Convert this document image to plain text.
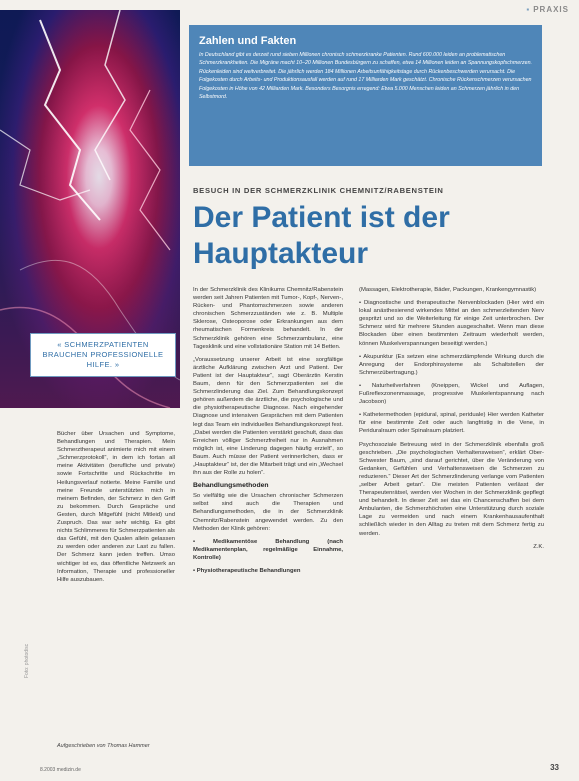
▪ PRAXIS
« SCHMERZPATIENTEN BRAUCHEN PROFESSIONELLE HILFE. »
Zahlen und Fakten

In Deutschland gibt es derzeit rund sieben Millionen chronisch schmerzkranke Patienten. Rund 600.000 leiden an problematischen Schmerzkrankheiten. Die Migräne macht 10–20 Millionen Bundesbürgern zu schaffen, etwa 14 Millionen leiden an Spannungskopfschmerzen. Rückenleiden sind weitverbreitet. Die jährlich werden 184 Millionen Arbeitsunfähigkeitstage durch Rückenbeschwerden verursacht. Die Folgekosten durch Arbeits- und Produktionsausfall werden auf rund 17 Milliarden Mark geschätzt. Chronische Rückenschmerzen verursachen Folgekosten in Höhe von 42 Milliarden Mark. Besonders Besorgnis erregend: Etwa 5.000 Menschen leiden an Schmerzen jährlich in den Selbstmord.

BESUCH IN DER SCHMERZKLINIK CHEMNITZ/RABENSTEIN
Der Patient ist der Hauptakteur

Bücher über Ursachen und Symptome, Behandlungen und Therapien. Mein Schmerztherapeut animierte mich mit einem „Schmerzprotokoll“, in dem ich fortan all meine Aktivitäten (berufliche und private) sowie Fortschritte und Rückschritte im Heilungsverlauf notierte. Meine Familie und meine Freunde unterstützten mich in meinem Befinden, der Schmerz in den Griff zu bekommen. Durch Gespräche und Gesten, durch Mitgefühl (nicht Mitleid) und Zuspruch. Das war sehr wichtig. Es gibt nichts Schlimmeres für Schmerzpatienten als das Gefühl, mit den Qualen allein gelassen zu werden oder anderen zur Last zu fallen. Der Schmerz kann jeden treffen. Umso wichtiger ist es, das öffentliche Netzwerk an Information, Therapie und professioneller Hilfe auszubauen.

In der Schmerzklinik des Klinikums Chemnitz/Rabenstein werden seit Jahren Patienten mit Tumor-, Kopf-, Nerven-, Rücken- und Phantomschmerzen sowie anderen chronischen Schmerzzuständen wie z. B. Multiple Sklerose, Osteoporose oder Erkrankungen aus dem rheumatischen Formenkreis behandelt. In der Schmerzklinik gehören eine Schmerzambulanz, eine Tagesklinik und eine vollstationäre Station mit 14 Betten.

„Voraussetzung unserer Arbeit ist eine sorgfältige ärztliche Aufklärung zwischen Arzt und Patient. Der Patient ist der Hauptakteur“, sagt Oberärztin Kerstin Baum, denn für den Schmerzpatienten sei die Schmerzlinderung das Ziel. Zum Behandlungskonzept gehören außerdem die ärztliche, die psychologische und die physiotherapeutische Diagnose. Nach eingehender Diagnose und intensiven Gesprächen mit dem Patienten legt das Team ein individuelles Behandlungskonzept fest. „Dabei werden die Patienten verstärkt geschult, dass das Erreichen völliger Schmerzfreiheit nur in Ausnahmen möglich ist, eine Linderung dagegen häufig erzielt“, so Baum. Auch müsse der Patient verinnerlichen, dass er „Hauptakteur“ ist, der die Mitarbeit trägt und ein „Wechsel ihn aus der Rolle zu holen“.

Behandlungsmethoden

So vielfältig wie die Ursachen chronischer Schmerzen selbst sind auch die Therapien und Behandlungsmethoden, die in der Schmerzklinik Chemnitz/Rabenstein angewendet werden. Zu den Methoden der Klinik gehören:

• Medikamentöse Behandlung (nach Medikamentenplan, regelmäßige Einnahme, Kontrolle)

• Physiotherapeutische Behandlungen

(Massagen, Elektrotherapie, Bäder, Packungen, Krankengymnastik)

• Diagnostische und therapeutische Nervenblockaden (Hier wird ein lokal anästhesierend wirkendes Mittel an den schmerzleitenden Nerv gespritzt und so die Weiterleitung für einige Zeit unterbrochen. Der Schmerz wird für mehrere Stunden ausgeschaltet. Wenn man diese Blockaden über einen bestimmten Zeitraum wiederholt werden, können Muskelverspannungen beseitigt werden.)

• Akupunktur (Es setzen eine schmerzdämpfende Wirkung durch die Anregung der Endorphinsysteme als Schaltstellen der Schmerzübertragung.)

• Naturheilverfahren (Kneippen, Wickel und Auflagen, Fußreflexzonenmassage, progressive Muskelentspannung nach Jacobson)

• Kathetermethoden (epidural, spinal, periduale) Hier werden Katheter für eine bestimmte Zeit oder auch langfristig in die Vene, in Periduralraum oder Spinalraum platziert.

Psychosoziale Betreuung wird in der Schmerzklinik ebenfalls groß geschrieben. „Die psychologischen Verhaltensweisen“, erklärt Ober-Schwester Baum, „sind darauf gerichtet, über die Veränderung von Gedanken, Gefühlen und Verhaltensweisen die Schmerzen zu reduzieren.“ Dieser Art der Schmerzlinderung verlange vom Patienten „selber Arbeit getan“. Die meisten Patienten verlässt der Therapeutenrätsel, werden vier Wochen in der Schmerzklinik gepflegt und behandelt. In dieser Zeit sei das ein Chancenschaffen bei dem Ambulanten, die Schmerzhöchsten eine Unterstützung durch soziale Lage zu vermeiden und nach einem Krankenhausaufenthalt schließlich wieder in den Alltag zu treten mit dem Schmerz fertig zu werden.

Z.K.

Aufgeschrieben von Thomas Hammer
Foto: photodisc
8.2003 medizin.de	33
